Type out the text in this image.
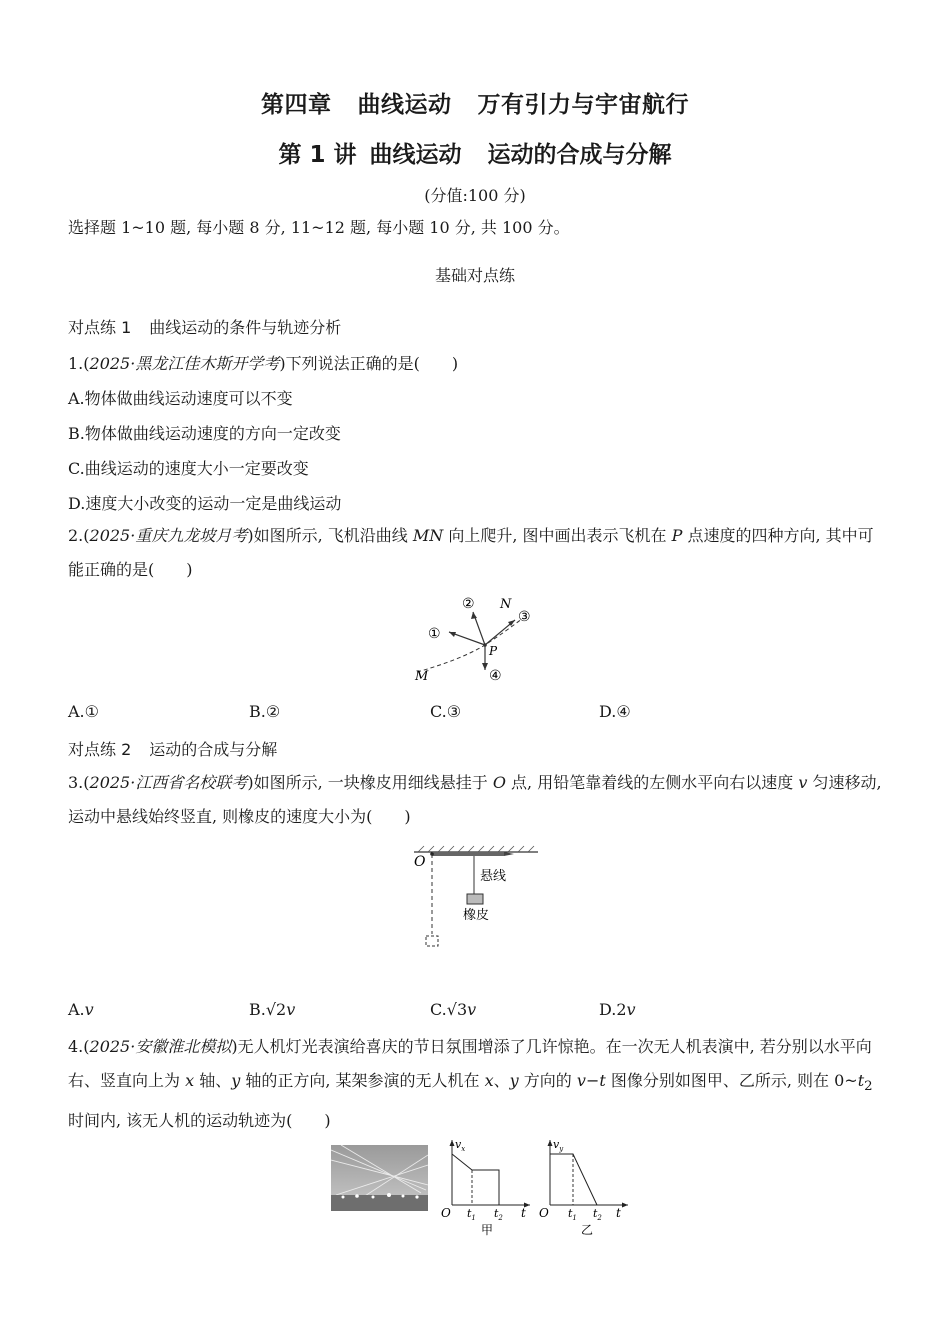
第四章 曲线运动 万有引力与宇宙航行
第 1 讲 曲线运动 运动的合成与分解
(分值:100 分)
选择题 1~10 题, 每小题 8 分, 11~12 题, 每小题 10 分, 共 100 分。
基础对点练
对点练 1 曲线运动的条件与轨迹分析
1.(2025·黑龙江佳木斯开学考)下列说法正确的是(　　)
A.物体做曲线运动速度可以不变
B.物体做曲线运动速度的方向一定改变
C.曲线运动的速度大小一定要改变
D.速度大小改变的运动一定是曲线运动
2.(2025·重庆九龙坡月考)如图所示, 飞机沿曲线 MN 向上爬升, 图中画出表示飞机在 P 点速度的四种方向, 其中可能正确的是(　　)
①
②
③
④
N
P
M
A.①	B.②	C.③	D.④
对点练 2 运动的合成与分解
3.(2025·江西省名校联考)如图所示, 一块橡皮用细线悬挂于 O 点, 用铅笔靠着线的左侧水平向右以速度 v 匀速移动, 运动中悬线始终竖直, 则橡皮的速度大小为(　　)
O
悬线
橡皮
A.v	B.√2v	C.√3v	D.2v
4.(2025·安徽淮北模拟)无人机灯光表演给喜庆的节日氛围增添了几许惊艳。在一次无人机表演中, 若分别以水平向右、竖直向上为 x 轴、y 轴的正方向, 某架参演的无人机在 x、y 方向的 v−t 图像分别如图甲、乙所示, 则在 $0\sim t_2$时间内, 该无人机的运动轨迹为(　　)
$v_x$
O $t_1$ $t_2$ t
甲
$v_y$
O $t_1$ $t_2$ t
乙
